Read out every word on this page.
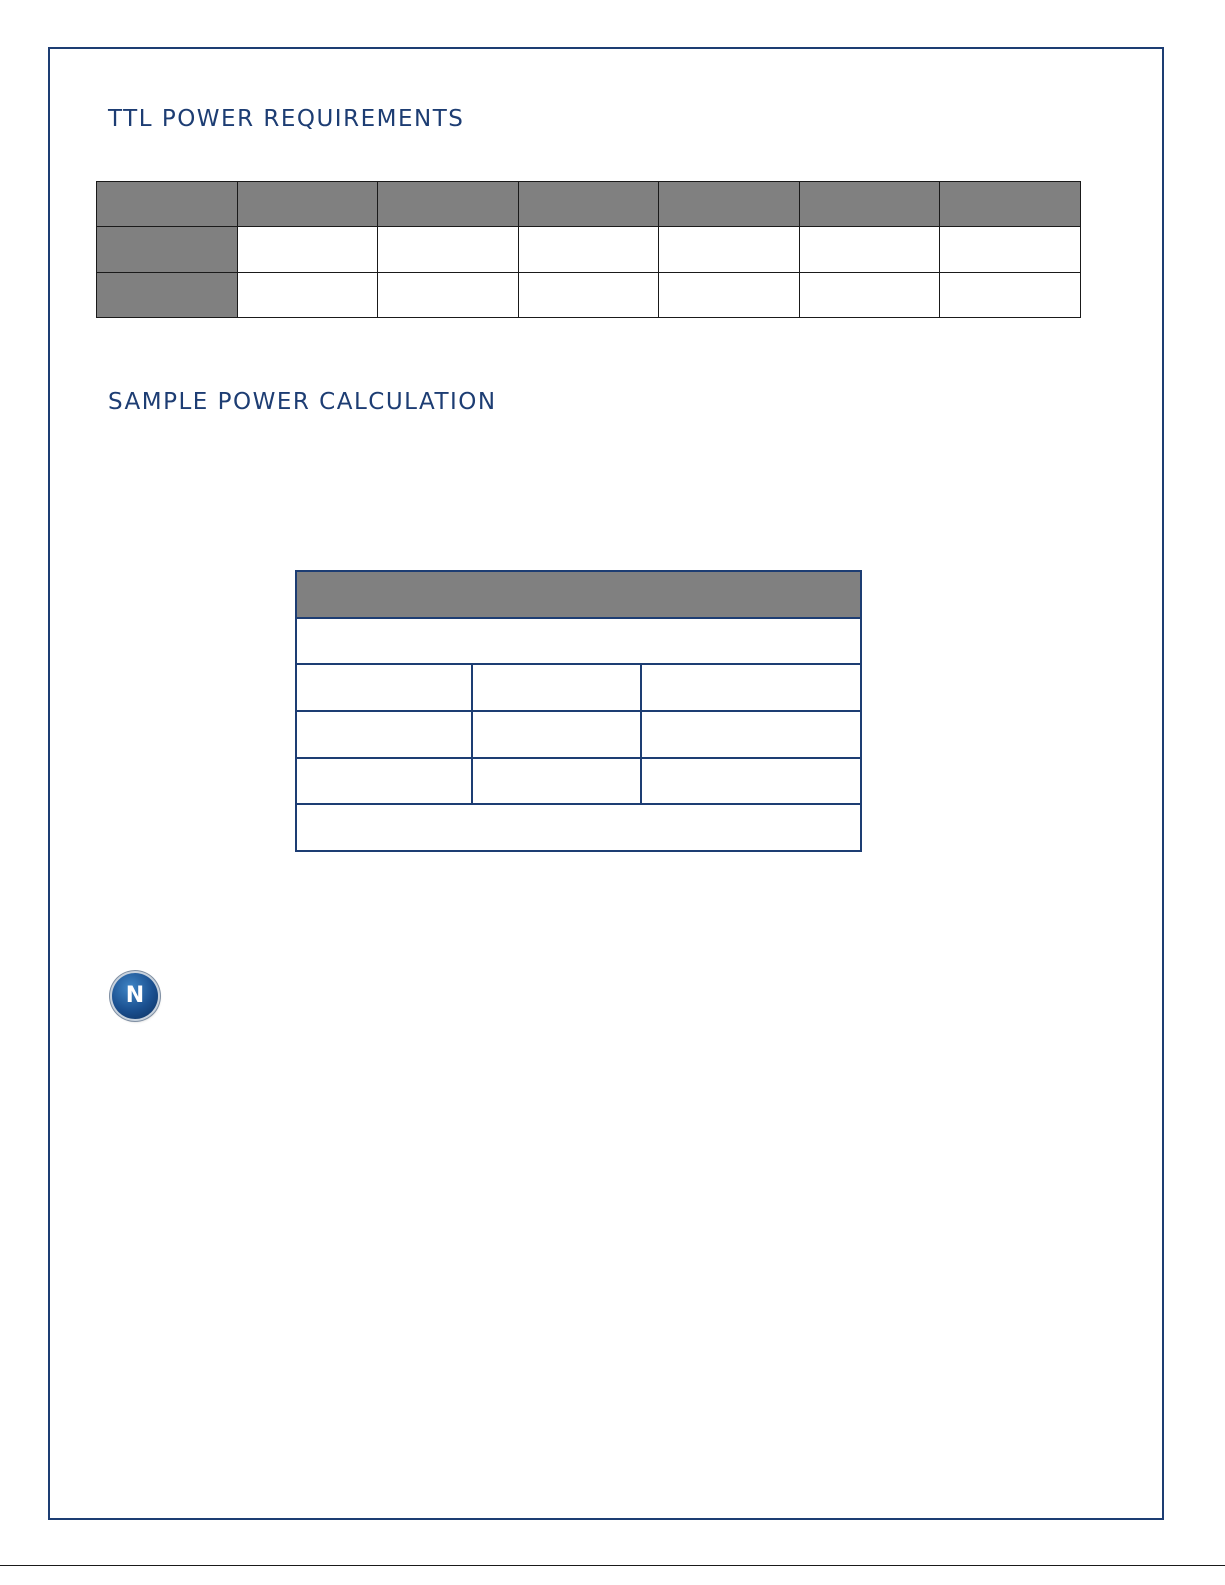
TTL POWER REQUIREMENTS

SAMPLE POWER CALCULATION

N
